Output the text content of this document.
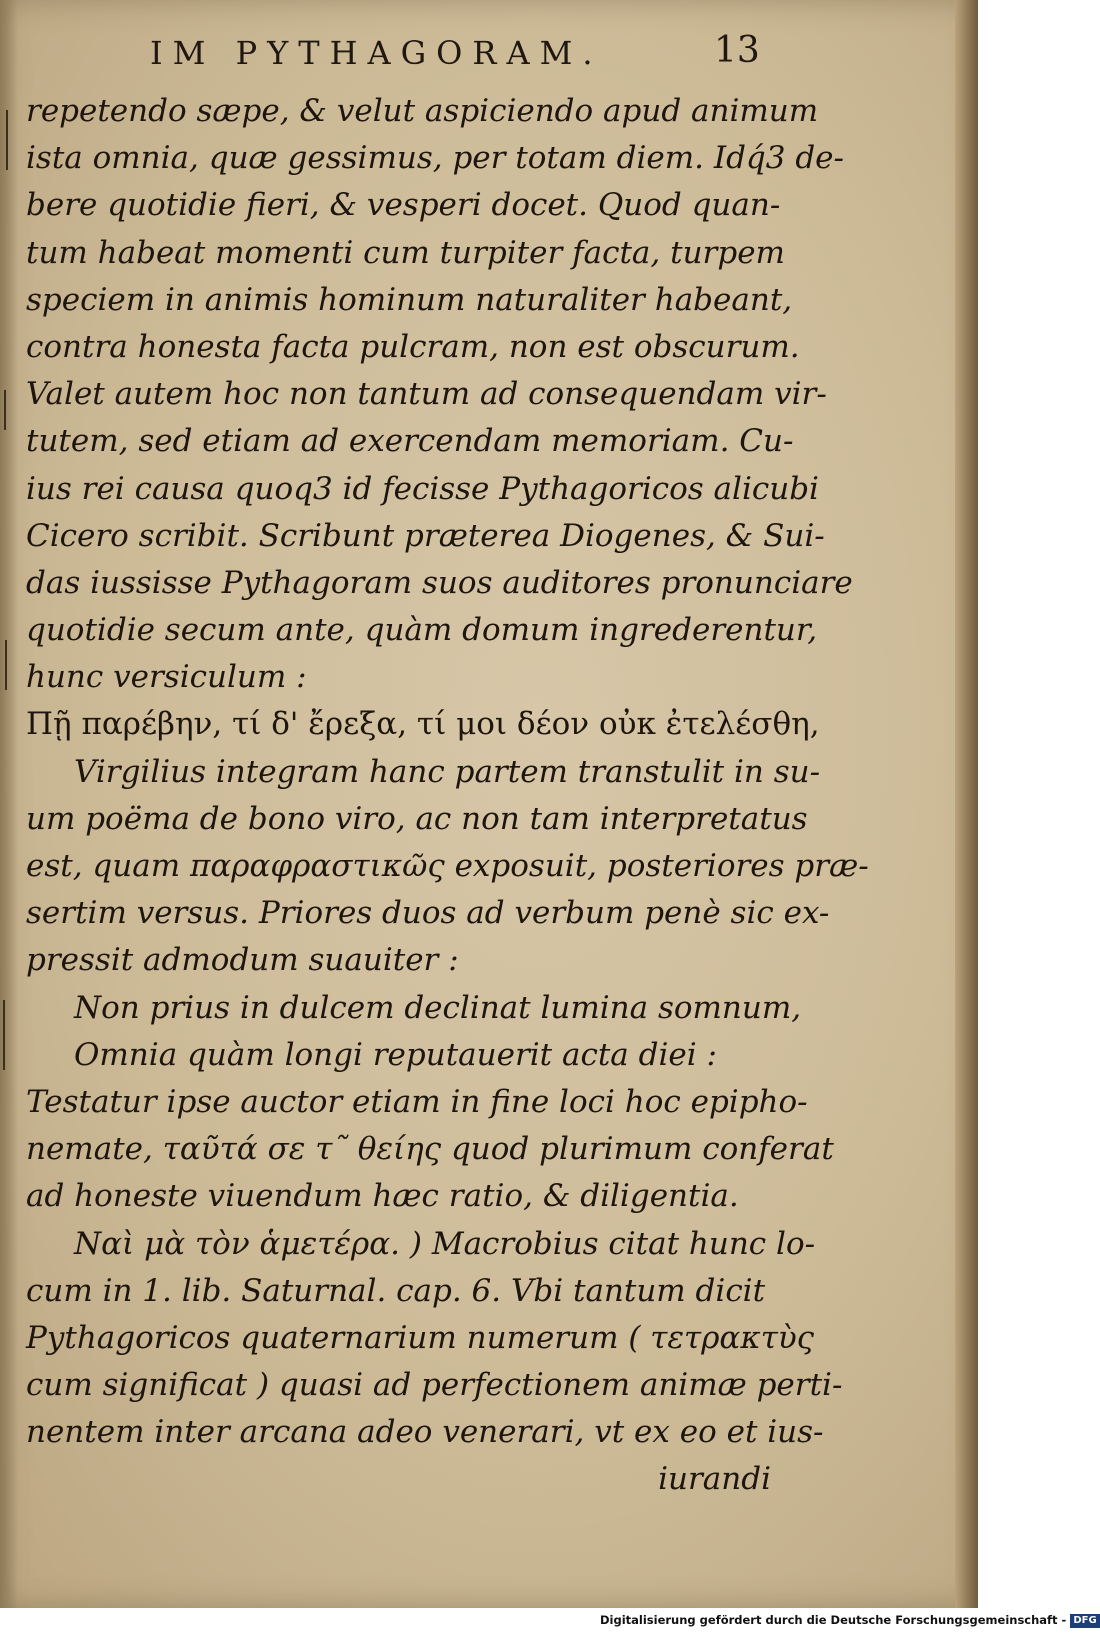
IM PYTHAGORAM.	13
repetendo sæpe, & velut aspiciendo apud animum
ista omnia, quæ gessimus, per totam diem. Idq́3 de-
bere quotidie fieri, & vesperi docet. Quod quan-
tum habeat momenti cum turpiter facta, turpem
speciem in animis hominum naturaliter habeant,
contra honesta facta pulcram, non est obscurum.
Valet autem hoc non tantum ad consequendam vir-
tutem, sed etiam ad exercendam memoriam. Cu-
ius rei causa quoq3 id fecisse Pythagoricos alicubi
Cicero scribit. Scribunt præterea Diogenes, & Sui-
das iussisse Pythagoram suos auditores pronunciare
quotidie secum ante, quàm domum ingrederentur,
hunc versiculum :
Πῇ παρέβην, τί δ' ἔρεξα, τί μοι δέον οὐκ ἐτελέσθη,
Virgilius integram hanc partem transtulit in su-
um poëma de bono viro, ac non tam interpretatus
est, quam παραφραστικῶς exposuit, posteriores præ-
sertim versus. Priores duos ad verbum penè sic ex-
pressit admodum suauiter :
Non prius in dulcem declinat lumina somnum,
Omnia quàm longi reputauerit acta diei :
Testatur ipse auctor etiam in fine loci hoc epipho-
nemate, ταῦτά σε τ῀ θείης quod plurimum conferat
ad honeste viuendum hæc ratio, & diligentia.
Ναὶ μὰ τὸν ἁμετέρα. ) Macrobius citat hunc lo-
cum in 1. lib. Saturnal. cap. 6. Vbi tantum dicit
Pythagoricos quaternarium numerum ( τετρακτὺς
cum significat ) quasi ad perfectionem animæ perti-
nentem inter arcana adeo venerari, vt ex eo et ius-
iurandi
Digitalisierung gefördert durch die Deutsche Forschungsgemeinschaft - DFG
